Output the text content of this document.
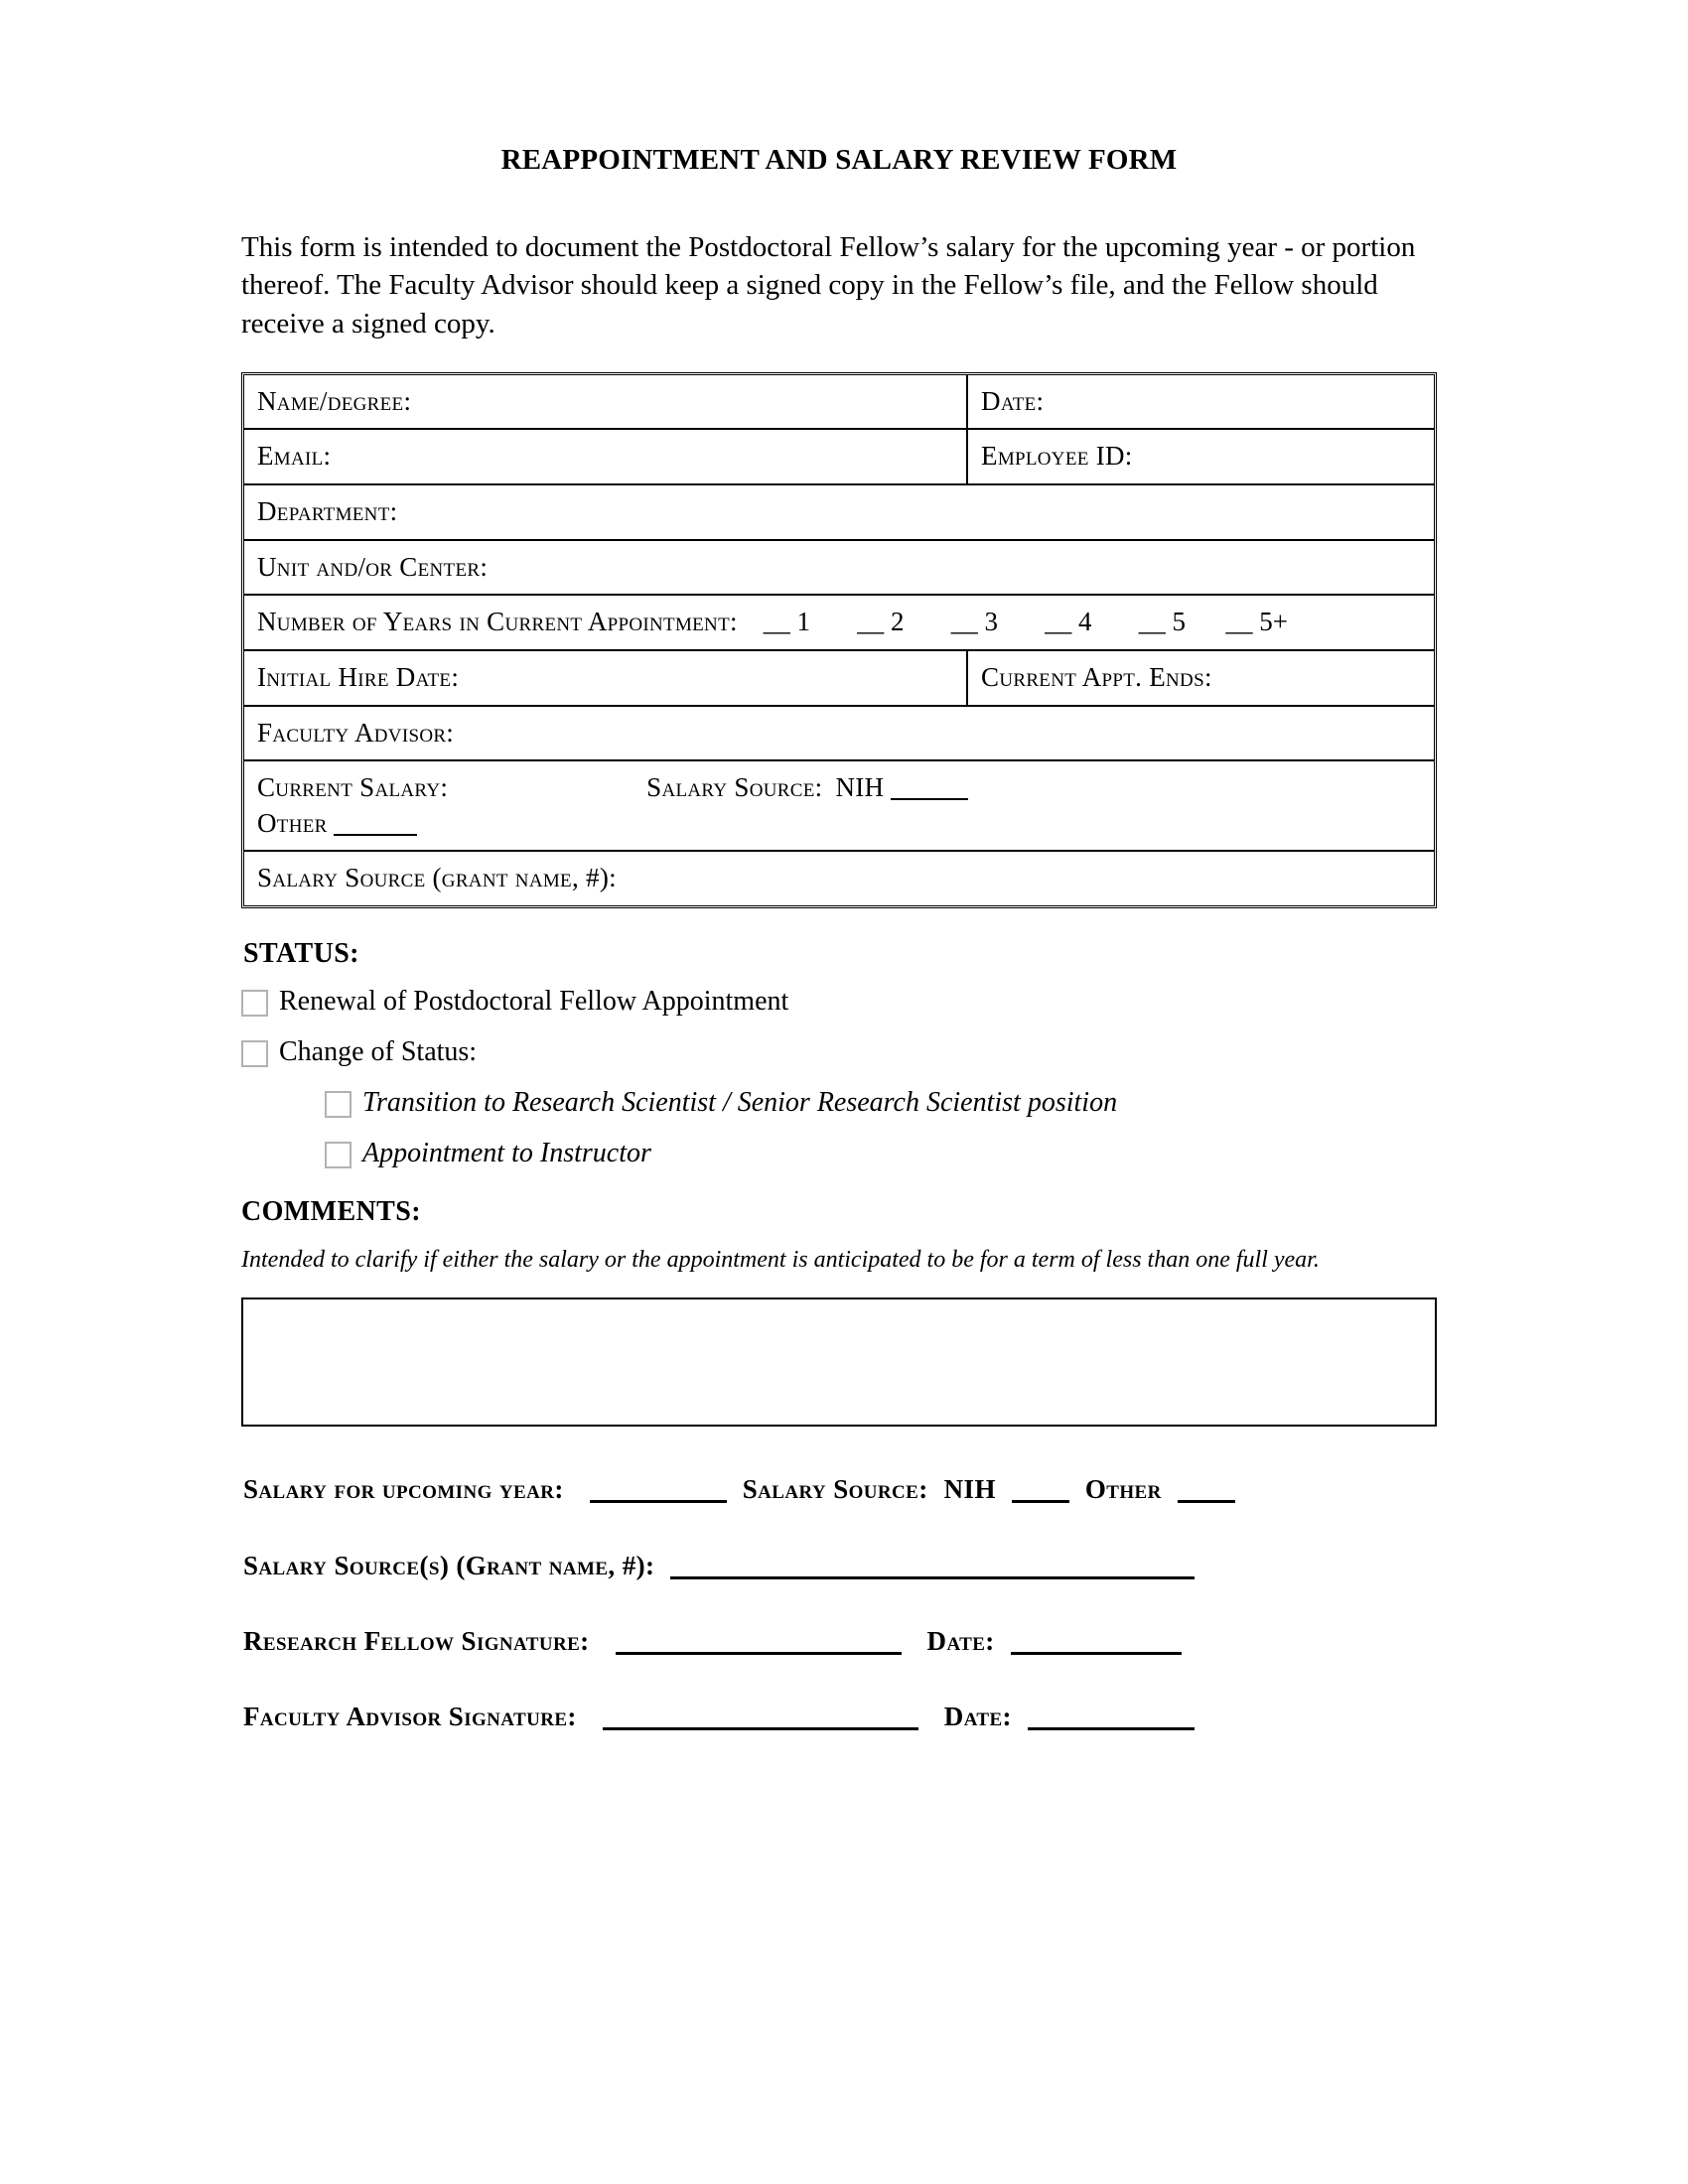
REAPPOINTMENT AND SALARY REVIEW FORM
This form is intended to document the Postdoctoral Fellow’s salary for the upcoming year - or portion thereof. The Faculty Advisor should keep a signed copy in the Fellow’s file, and the Fellow should receive a signed copy.
Name/degree:	Date:
Email:	Employee ID:
Department:	
Unit and/or Center:	
Number of Years in Current Appointment: __ 1       __ 2       __ 3       __ 4       __ 5      __ 5+	
Initial Hire Date:	Current Appt. Ends:
Faculty Advisor:	
Current Salary: Salary Source: NIH
Other	
Salary Source (grant name, #):	
STATUS:
Renewal of Postdoctoral Fellow Appointment
Change of Status:
Transition to Research Scientist / Senior Research Scientist position
Appointment to Instructor
COMMENTS:
Intended to clarify if either the salary or the appointment is anticipated to be for a term of less than one full year.
Salary for upcoming year:	Salary Source: NIH	Other
Salary Source(s) (Grant name, #):
Research Fellow Signature:	Date:
Faculty Advisor Signature:	Date:
